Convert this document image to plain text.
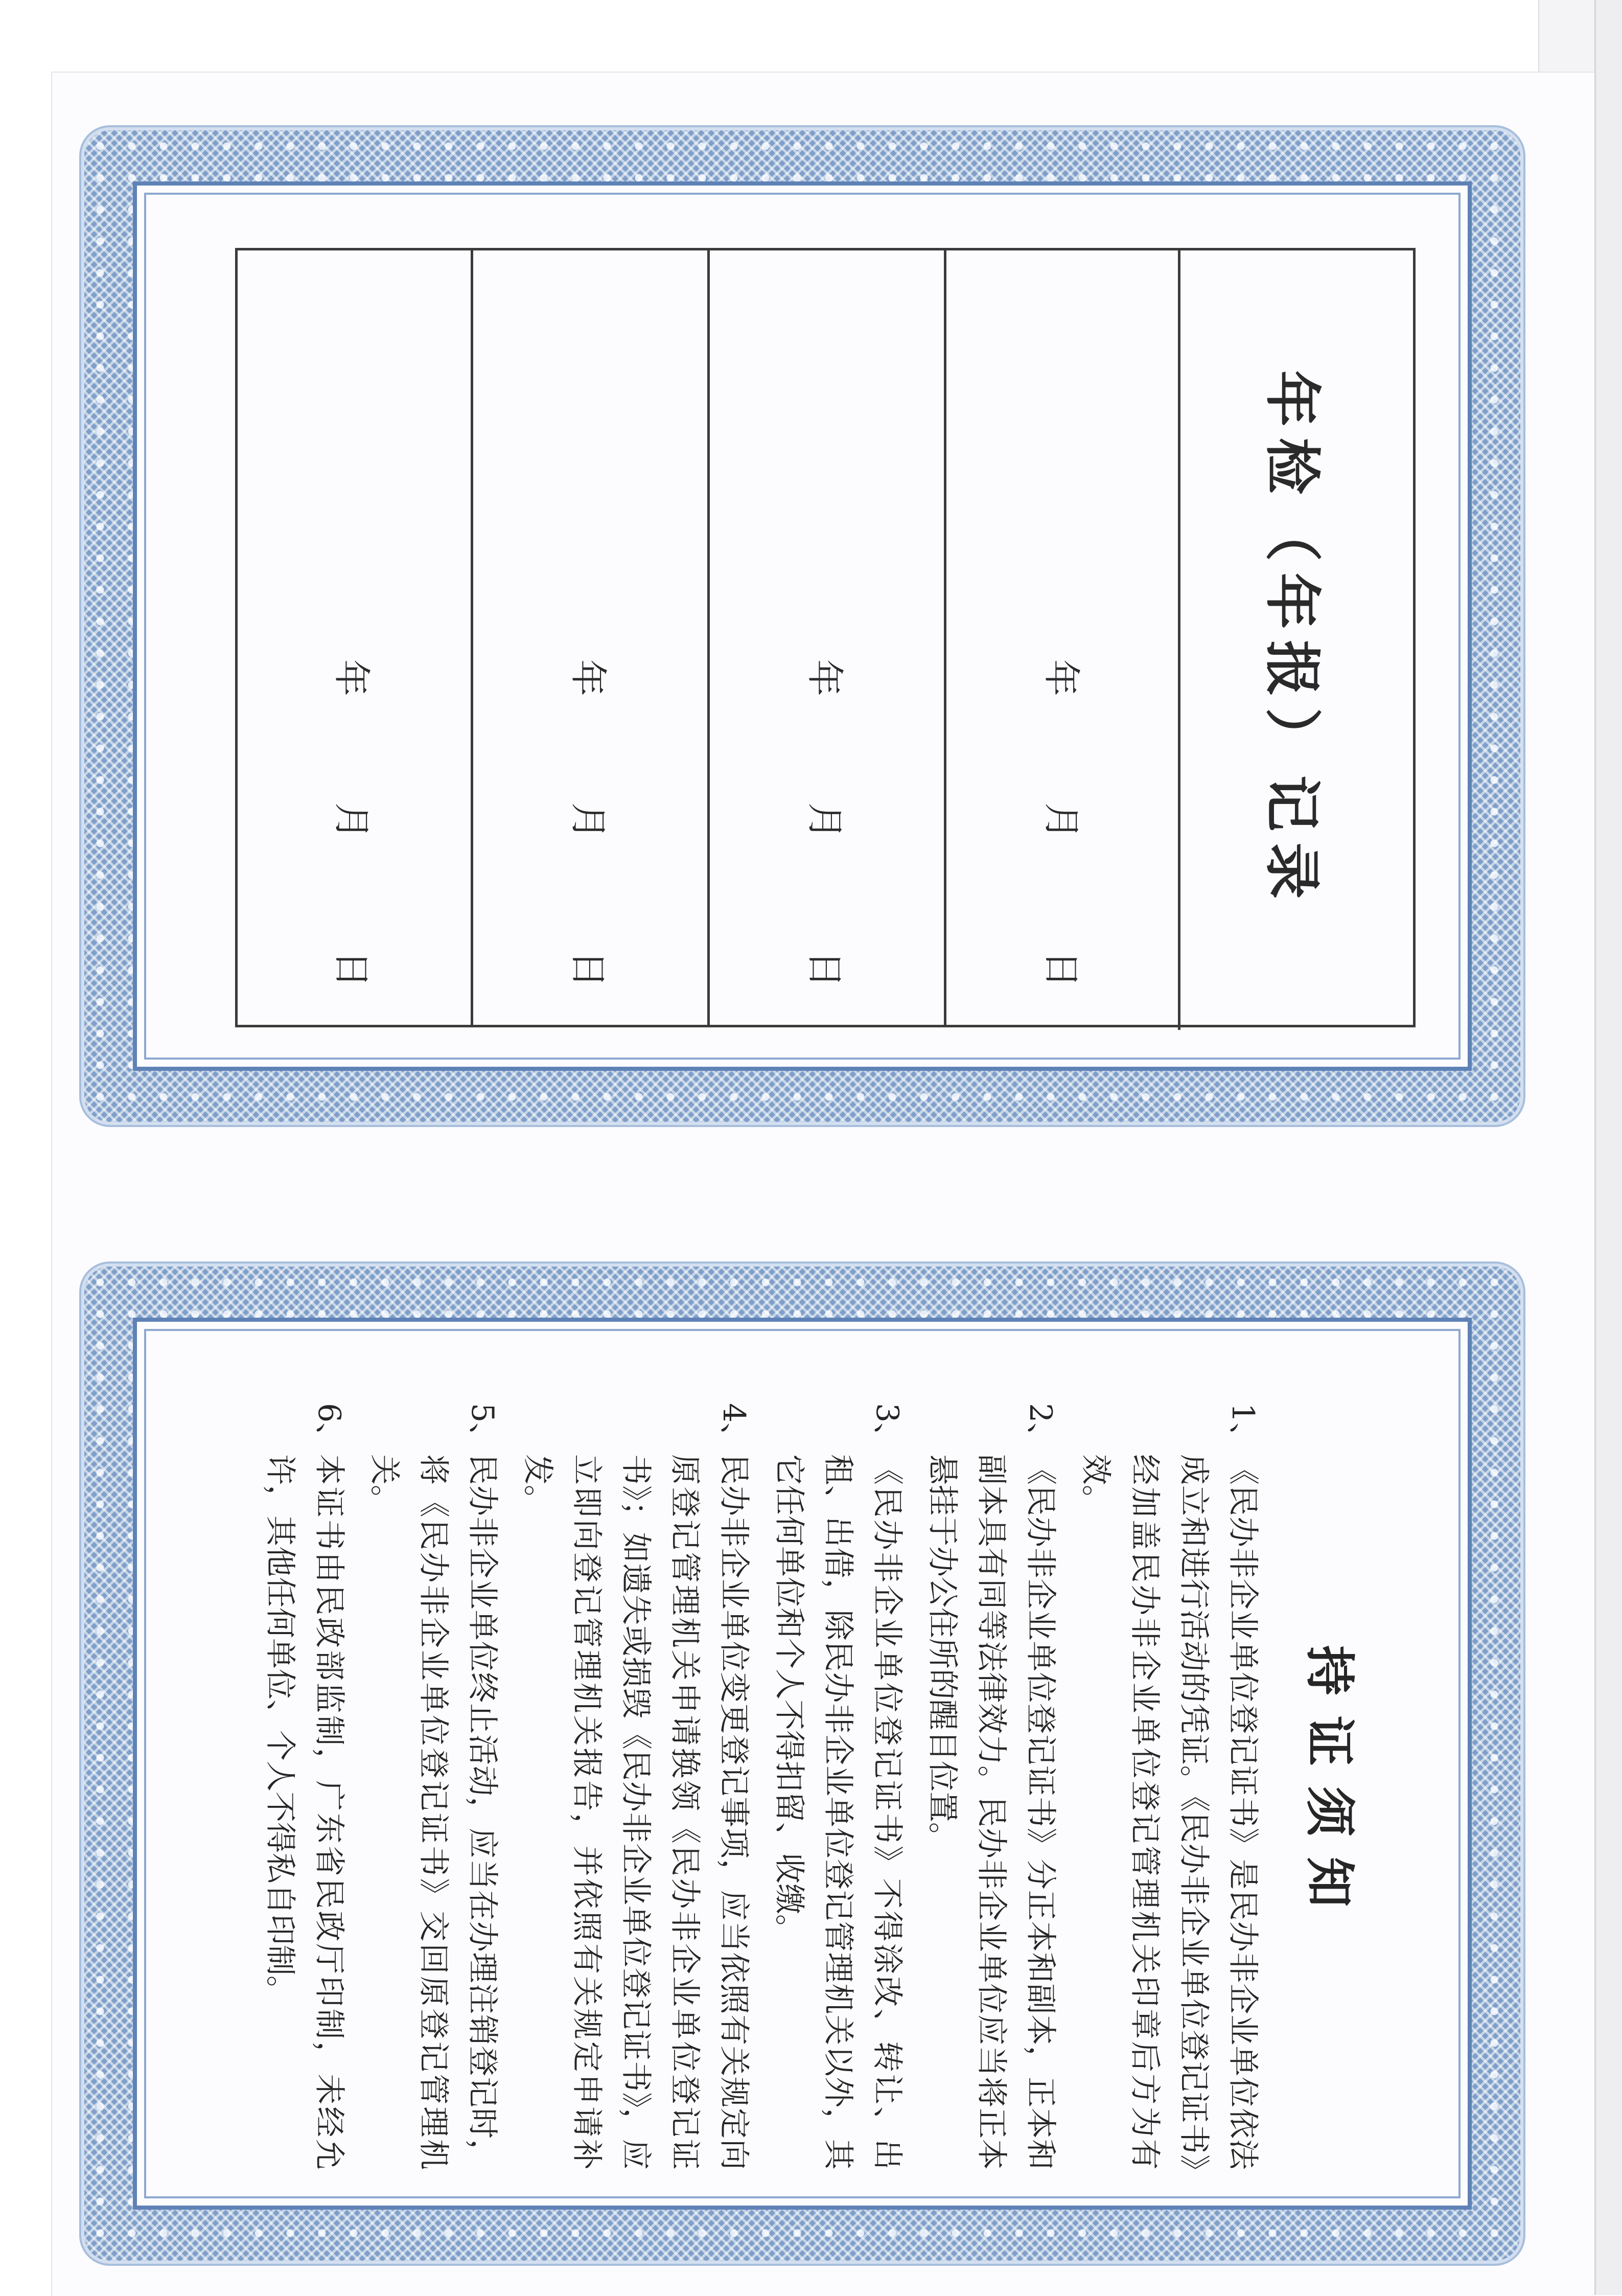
年检（年报）记录
年
月
日
年
月
日
年
月
日
年
月
日
持证须知
1、
《民办非企业单位登记证书》是民办非企业单位依法成立和进行活动的凭证。《民办非企业单位登记证书》经加盖民办非企业单位登记管理机关印章后方为有效。
2、
《民办非企业单位登记证书》分正本和副本，正本和副本具有同等法律效力。民办非企业单位应当将正本悬挂于办公住所的醒目位置。
3、
《民办非企业单位登记证书》不得涂改、转让、出租、出借，除民办非企业单位登记管理机关以外，其它任何单位和个人不得扣留、收缴。
4、
民办非企业单位变更登记事项，应当依照有关规定向原登记管理机关申请换领《民办非企业单位登记证书》；如遗失或损毁《民办非企业单位登记证书》，应立即向登记管理机关报告，并依照有关规定申请补发。
5、
民办非企业单位终止活动，应当在办理注销登记时，将《民办非企业单位登记证书》交回原登记管理机关。
6、
本证书由民政部监制，广东省民政厅印制，未经允许，其他任何单位、个人不得私自印制。
